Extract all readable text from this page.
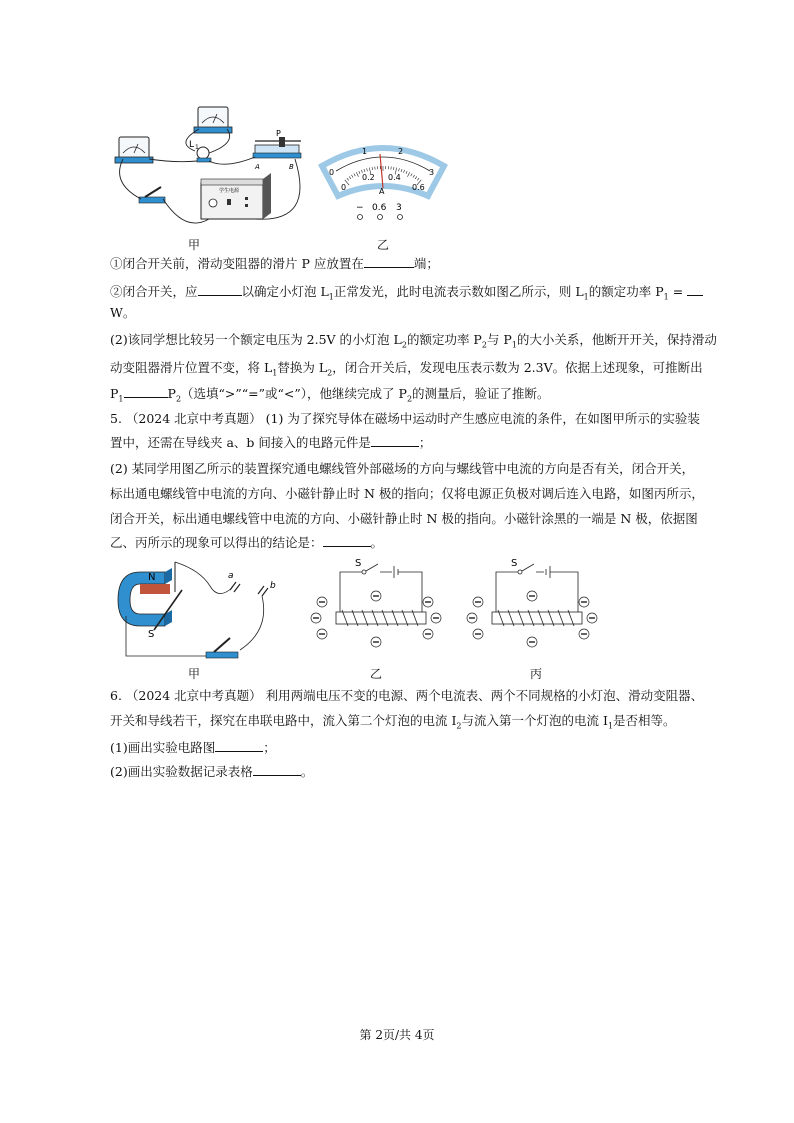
L 1
P
A	B
学生电源
0
1	2
3
0
0.2 0.4
0.6
A
− 0.6 3
甲	乙
①闭合开关前，滑动变阻器的滑片 P 应放置在	端；
②闭合开关，应	以确定小灯泡 $L_1$正常发光，此时电流表示数如图乙所示，则 $L_1$的额定功率 $P_1$ =
W。
(2)该同学想比较另一个额定电压为 2.5V 的小灯泡 $L_2$的额定功率 $P_2$与 $P_1$的大小关系，他断开开关，保持滑动
动变阻器滑片位置不变，将 $L_1$替换为 $L_2$，闭合开关后，发现电压表示数为 2.3V。依据上述现象，可推断出
$P_1$	$P_2$（选填“>”“=”或“<”），他继续完成了 $P_2$的测量后，验证了推断。
5. （2024 北京中考真题） (1) 为了探究导体在磁场中运动时产生感应电流的条件，在如图甲所示的实验装
置中，还需在导线夹 a、b 间接入的电路元件是	；
(2) 某同学用图乙所示的装置探究通电螺线管外部磁场的方向与螺线管中电流的方向是否有关，闭合开关，
标出通电螺线管中电流的方向、小磁针静止时 N 极的指向；仅将电源正负极对调后连入电路，如图丙所示，
闭合开关，标出通电螺线管中电流的方向、小磁针静止时 N 极的指向。小磁针涂黑的一端是 N 极，依据图
乙、丙所示的现象可以得出的结论是：	。
N
S
a
b
S	S
甲	乙	丙
6. （2024 北京中考真题） 利用两端电压不变的电源、两个电流表、两个不同规格的小灯泡、滑动变阻器、
开关和导线若干，探究在串联电路中，流入第二个灯泡的电流 $I_2$与流入第一个灯泡的电流 $I_1$是否相等。
(1)画出实验电路图	；
(2)画出实验数据记录表格	。
第 2页/共 4页
